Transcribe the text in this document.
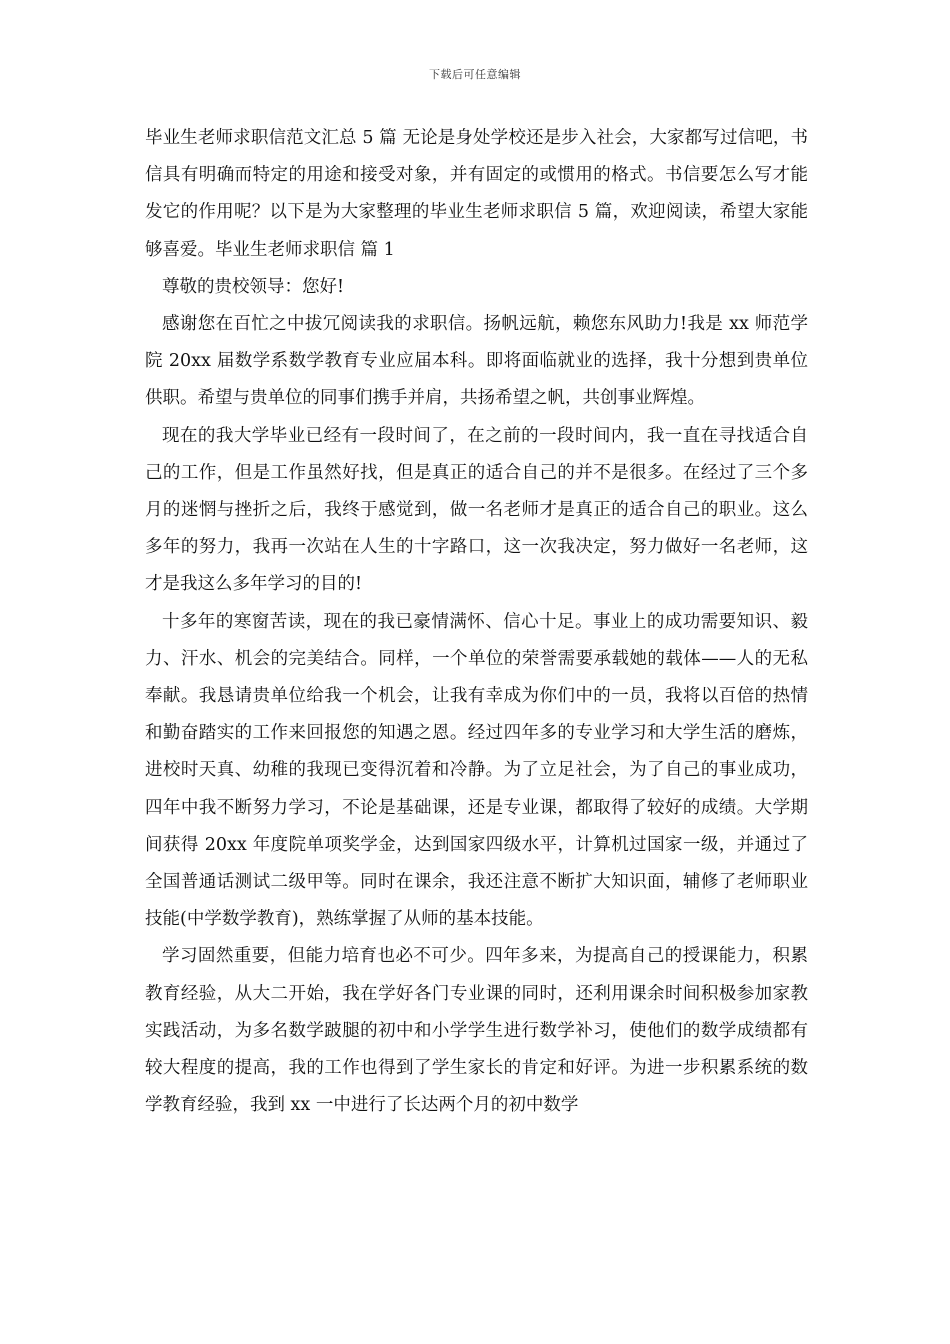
下载后可任意编辑

毕业生老师求职信范文汇总 5 篇 无论是身处学校还是步入社会，大家都写过信吧，书信具有明确而特定的用途和接受对象，并有固定的或惯用的格式。书信要怎么写才能发它的作用呢？以下是为大家整理的毕业生老师求职信 5 篇，欢迎阅读，希望大家能够喜爱。毕业生老师求职信 篇 1

尊敬的贵校领导：您好!

感谢您在百忙之中拔冗阅读我的求职信。扬帆远航，赖您东风助力!我是 xx 师范学院 20xx 届数学系数学教育专业应届本科。即将面临就业的选择，我十分想到贵单位供职。希望与贵单位的同事们携手并肩，共扬希望之帆，共创事业辉煌。

现在的我大学毕业已经有一段时间了，在之前的一段时间内，我一直在寻找适合自己的工作，但是工作虽然好找，但是真正的适合自己的并不是很多。在经过了三个多月的迷惘与挫折之后，我终于感觉到，做一名老师才是真正的适合自己的职业。这么多年的努力，我再一次站在人生的十字路口，这一次我决定，努力做好一名老师，这才是我这么多年学习的目的!

十多年的寒窗苦读，现在的我已豪情满怀、信心十足。事业上的成功需要知识、毅力、汗水、机会的完美结合。同样，一个单位的荣誉需要承载她的载体——人的无私奉献。我恳请贵单位给我一个机会，让我有幸成为你们中的一员，我将以百倍的热情和勤奋踏实的工作来回报您的知遇之恩。经过四年多的专业学习和大学生活的磨炼，进校时天真、幼稚的我现已变得沉着和冷静。为了立足社会，为了自己的事业成功，四年中我不断努力学习，不论是基础课，还是专业课，都取得了较好的成绩。大学期间获得 20xx 年度院单项奖学金，达到国家四级水平，计算机过国家一级，并通过了全国普通话测试二级甲等。同时在课余，我还注意不断扩大知识面，辅修了老师职业技能(中学数学教育)，熟练掌握了从师的基本技能。

学习固然重要，但能力培育也必不可少。四年多来，为提高自己的授课能力，积累教育经验，从大二开始，我在学好各门专业课的同时，还利用课余时间积极参加家教实践活动，为多名数学跛腿的初中和小学学生进行数学补习，使他们的数学成绩都有较大程度的提高，我的工作也得到了学生家长的肯定和好评。为进一步积累系统的数学教育经验，我到 xx 一中进行了长达两个月的初中数学
